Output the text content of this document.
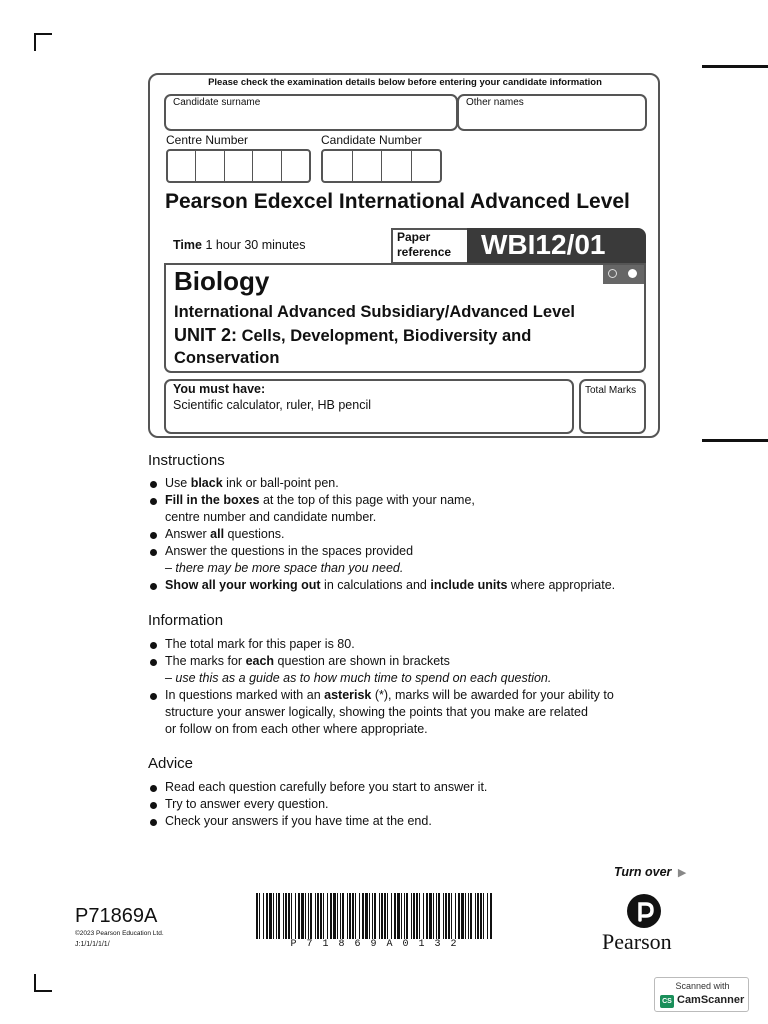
Please check the examination details below before entering your candidate information
Candidate surname	Other names
Centre Number	Candidate Number
Pearson Edexcel International Advanced Level
Time 1 hour 30 minutes
Paper
reference WBI12/01
Biology
International Advanced Subsidiary/Advanced Level
UNIT 2: Cells, Development, Biodiversity and
Conservation
You must have:
Scientific calculator, ruler, HB pencil
Total Marks
Instructions
Use black ink or ball-point pen.
Fill in the boxes at the top of this page with your name,
centre number and candidate number.
Answer all questions.
Answer the questions in the spaces provided
– there may be more space than you need.
Show all your working out in calculations and include units where appropriate.
Information
The total mark for this paper is 80.
The marks for each question are shown in brackets
– use this as a guide as to how much time to spend on each question.
In questions marked with an asterisk (*), marks will be awarded for your ability to
structure your answer logically, showing the points that you make are related
or follow on from each other where appropriate.
Advice
Read each question carefully before you start to answer it.
Try to answer every question.
Check your answers if you have time at the end.
Turn over ▶
P71869A
©2023 Pearson Education Ltd.
J:1/1/1/1/1/	P 7 1 8 6 9 A 0 1 3 2	Pearson
Scanned with
CS CamScanner
